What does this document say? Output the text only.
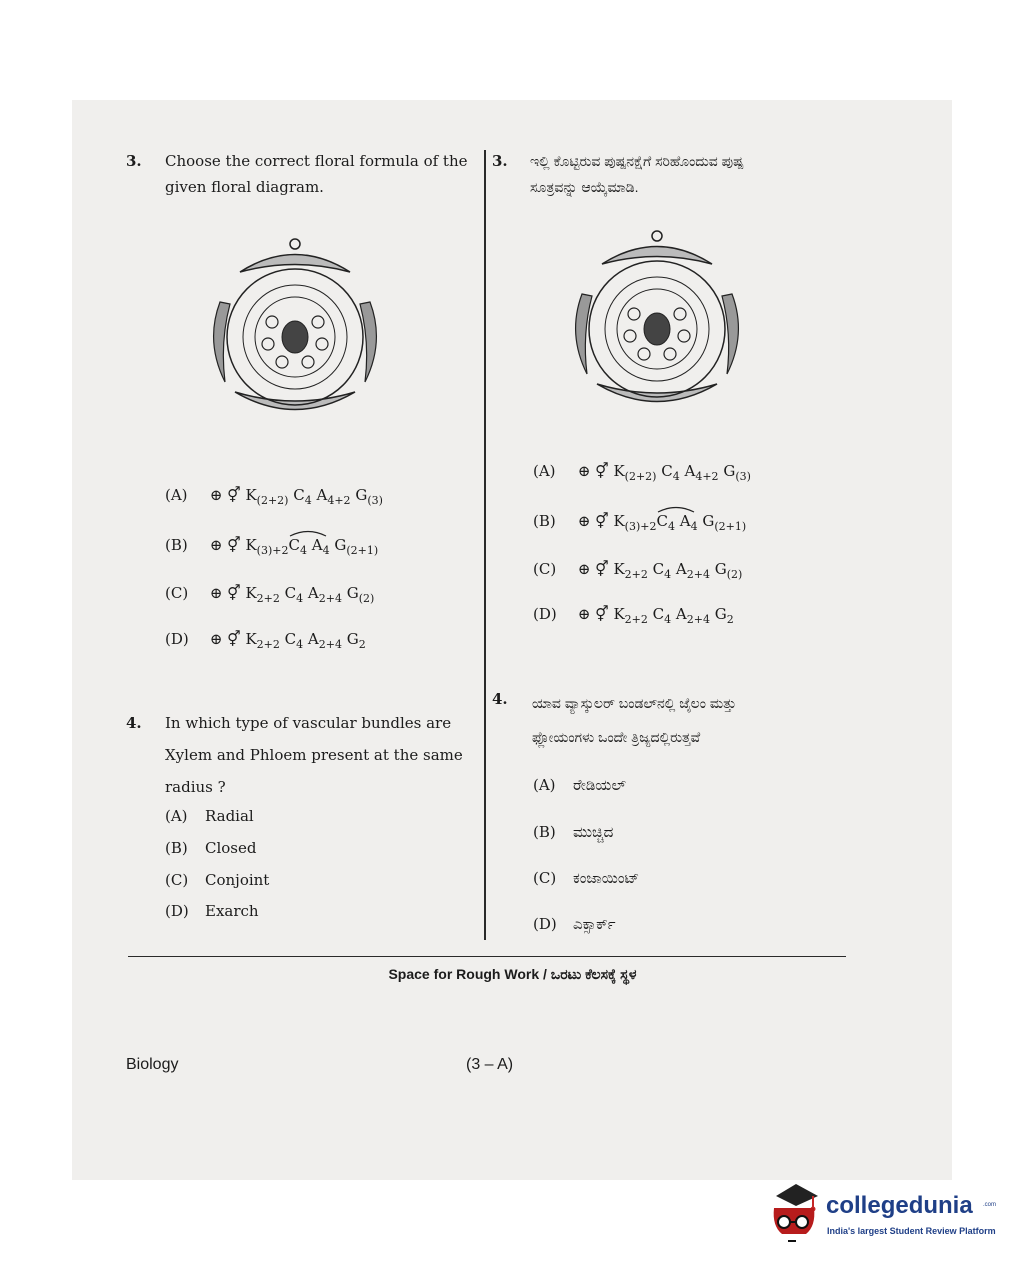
3. Choose the correct floral formula of the
given floral diagram.
(A) ⊕ ⚥ $K_{(2+2)}$ $C_4$ $A_{4+2}$ $G_{(3)}$
(B) ⊕ ⚥ $K_{(3)+2}$
$C_4$ $A_4$ $G_{(2+1)}$
(C) ⊕ ⚥ $K_{2+2}$ $C_4$ $A_{2+4}$ $G_{(2)}$
(D) ⊕ ⚥ $K_{2+2}$ $C_4$ $A_{2+4}$ $G_2$
4. In which type of vascular bundles are
Xylem and Phloem present at the same
radius ?
(A) Radial
(B) Closed
(C) Conjoint
(D) Exarch
3. ಇಲ್ಲಿ ಕೊಟ್ಟಿರುವ ಪುಷ್ಪನಕ್ಷೆಗೆ ಸರಿಹೊಂದುವ ಪುಷ್ಪ
ಸೂತ್ರವನ್ನು ಆಯ್ಕೆಮಾಡಿ.
(A) ⊕ ⚥ $K_{(2+2)}$ $C_4$ $A_{4+2}$ $G_{(3)}$
(B) ⊕ ⚥ $K_{(3)+2}$
$C_4$ $A_4$ $G_{(2+1)}$
(C) ⊕ ⚥ $K_{2+2}$ $C_4$ $A_{2+4}$ $G_{(2)}$
(D) ⊕ ⚥ $K_{2+2}$ $C_4$ $A_{2+4}$ $G_2$
4. ಯಾವ ವ್ಯಾಸ್ಕುಲರ್ ಬಂಡಲ್‌ನಲ್ಲಿ ಜೈಲಂ ಮತ್ತು
ಫ್ಲೋಯಂಗಳು ಒಂದೇ ತ್ರಿಜ್ಯದಲ್ಲಿರುತ್ತವೆ
(A) ರೇಡಿಯಲ್
(B) ಮುಚ್ಚಿದ
(C) ಕಂಜಾಯಿಂಟ್
(D) ಎಕ್ಸಾರ್ಕ್
Space for Rough Work / ಒರಟು ಕೆಲಸಕ್ಕೆ ಸ್ಥಳ
Biology	(3 – A)
collegedunia .com
India's largest Student Review Platform
